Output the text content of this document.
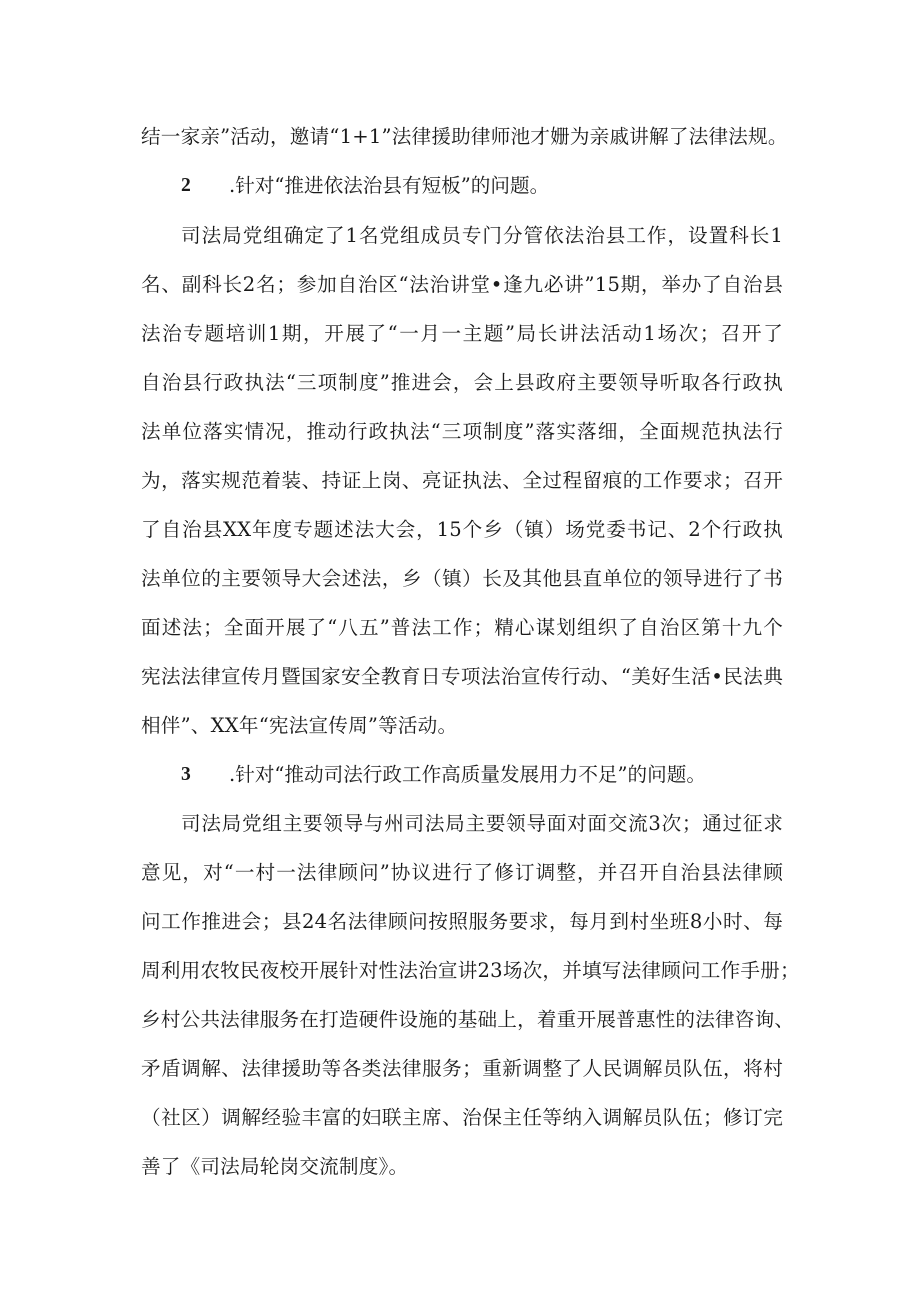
结一家亲”活动，邀请“1+1”法律援助律师池才姗为亲戚讲解了法律法规。
2 .针对“推进依法治县有短板”的问题。
司法局党组确定了1名党组成员专门分管依法治县工作，设置科长1
名、副科长2名；参加自治区“法治讲堂•逢九必讲”15期，举办了自治县
法治专题培训1期，开展了“一月一主题”局长讲法活动1场次；召开了
自治县行政执法“三项制度”推进会，会上县政府主要领导听取各行政执
法单位落实情况，推动行政执法“三项制度”落实落细，全面规范执法行
为，落实规范着装、持证上岗、亮证执法、全过程留痕的工作要求；召开
了自治县XX年度专题述法大会，15个乡（镇）场党委书记、2个行政执
法单位的主要领导大会述法，乡（镇）长及其他县直单位的领导进行了书
面述法；全面开展了“八五”普法工作；精心谋划组织了自治区第十九个
宪法法律宣传月暨国家安全教育日专项法治宣传行动、“美好生活•民法典
相伴”、XX年“宪法宣传周”等活动。
3 .针对“推动司法行政工作高质量发展用力不足”的问题。
司法局党组主要领导与州司法局主要领导面对面交流3次；通过征求
意见，对“一村一法律顾问”协议进行了修订调整，并召开自治县法律顾
问工作推进会；县24名法律顾问按照服务要求，每月到村坐班8小时、每
周利用农牧民夜校开展针对性法治宣讲23场次，并填写法律顾问工作手册；
乡村公共法律服务在打造硬件设施的基础上，着重开展普惠性的法律咨询、
矛盾调解、法律援助等各类法律服务；重新调整了人民调解员队伍，将村
（社区）调解经验丰富的妇联主席、治保主任等纳入调解员队伍；修订完
善了《司法局轮岗交流制度》。
